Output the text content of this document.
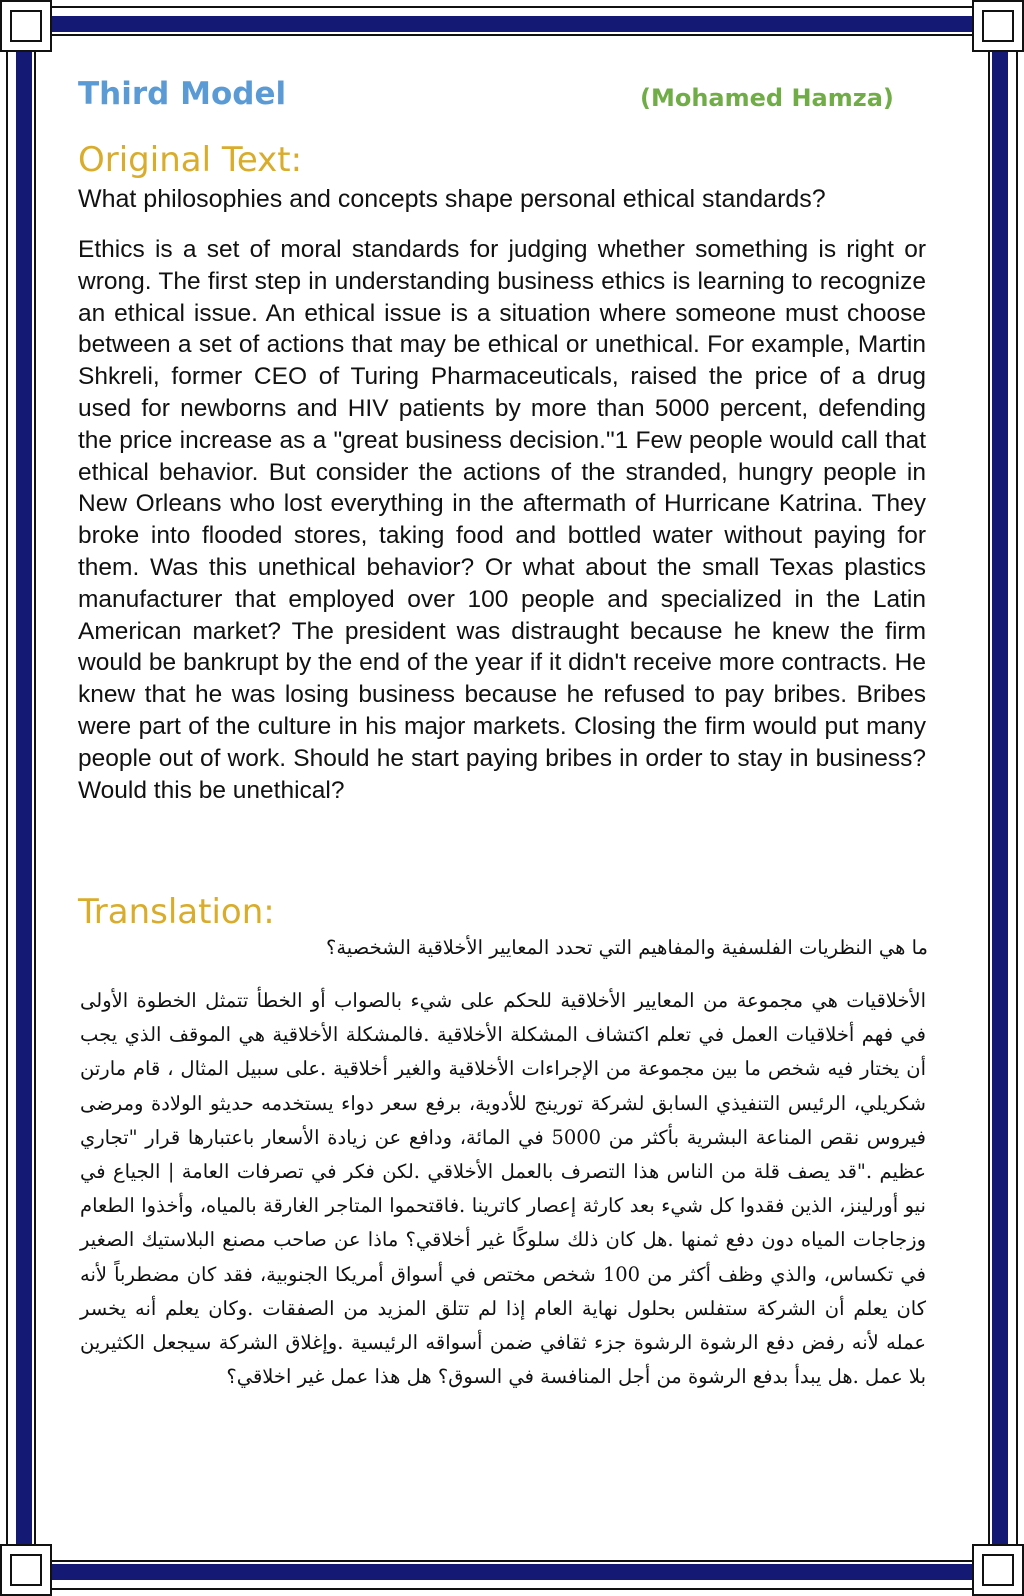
Third Model	(Mohamed Hamza)
Original Text:

What philosophies and concepts shape personal ethical standards?

Ethics is a set of moral standards for judging whether something is right or wrong. The first step in understanding business ethics is learning to recognize an ethical issue. An ethical issue is a situation where someone must choose between a set of actions that may be ethical or unethical. For example, Martin Shkreli, former CEO of Turing Pharmaceuticals, raised the price of a drug used for newborns and HIV patients by more than 5000 percent, defending the price increase as a "great business decision."1 Few people would call that ethical behavior. But consider the actions of the stranded, hungry people in New Orleans who lost everything in the aftermath of Hurricane Katrina. They broke into flooded stores, taking food and bottled water without paying for them. Was this unethical behavior? Or what about the small Texas plastics manufacturer that employed over 100 people and specialized in the Latin American market? The president was distraught because he knew the firm would be bankrupt by the end of the year if it didn't receive more contracts. He knew that he was losing business because he refused to pay bribes. Bribes were part of the culture in his major markets. Closing the firm would put many people out of work. Should he start paying bribes in order to stay in business? Would this be unethical?

Translation:

ما هي النظريات الفلسفية والمفاهيم التي تحدد المعايير الأخلاقية الشخصية؟

الأخلاقيات هي مجموعة من المعايير الأخلاقية للحكم على شيء بالصواب أو الخطأ تتمثل الخطوة الأولى في فهم أخلاقيات العمل في تعلم اكتشاف المشكلة الأخلاقية .فالمشكلة الأخلاقية هي الموقف الذي يجب أن يختار فيه شخص ما بين مجموعة من الإجراءات الأخلاقية والغير أخلاقية .على سبيل المثال ، قام مارتن شكريلي، الرئيس التنفيذي السابق لشركة تورينج للأدوية، برفع سعر دواء يستخدمه حديثو الولادة ومرضى فيروس نقص المناعة البشرية بأكثر من 5000 في المائة، ودافع عن زيادة الأسعار باعتبارها قرار "تجاري عظيم ."قد يصف قلة من الناس هذا التصرف بالعمل الأخلاقي .لكن فكر في تصرفات العامة | الجياع في نيو أورلينز، الذين فقدوا كل شيء بعد كارثة إعصار كاترينا .فاقتحموا المتاجر الغارقة بالمياه، وأخذوا الطعام وزجاجات المياه دون دفع ثمنها .هل كان ذلك سلوكًا غير أخلاقي؟ ماذا عن صاحب مصنع البلاستيك الصغير في تكساس، والذي وظف أكثر من 100 شخص مختص في أسواق أمريكا الجنوبية، فقد كان مضطرباً لأنه كان يعلم أن الشركة ستفلس بحلول نهاية العام إذا لم تتلق المزيد من الصفقات .وكان يعلم أنه يخسر عمله لأنه رفض دفع الرشوة الرشوة جزء ثقافي ضمن أسواقه الرئيسية .وإغلاق الشركة سيجعل الكثيرين بلا عمل .هل يبدأ بدفع الرشوة من أجل المنافسة في السوق؟ هل هذا عمل غير اخلاقي؟
